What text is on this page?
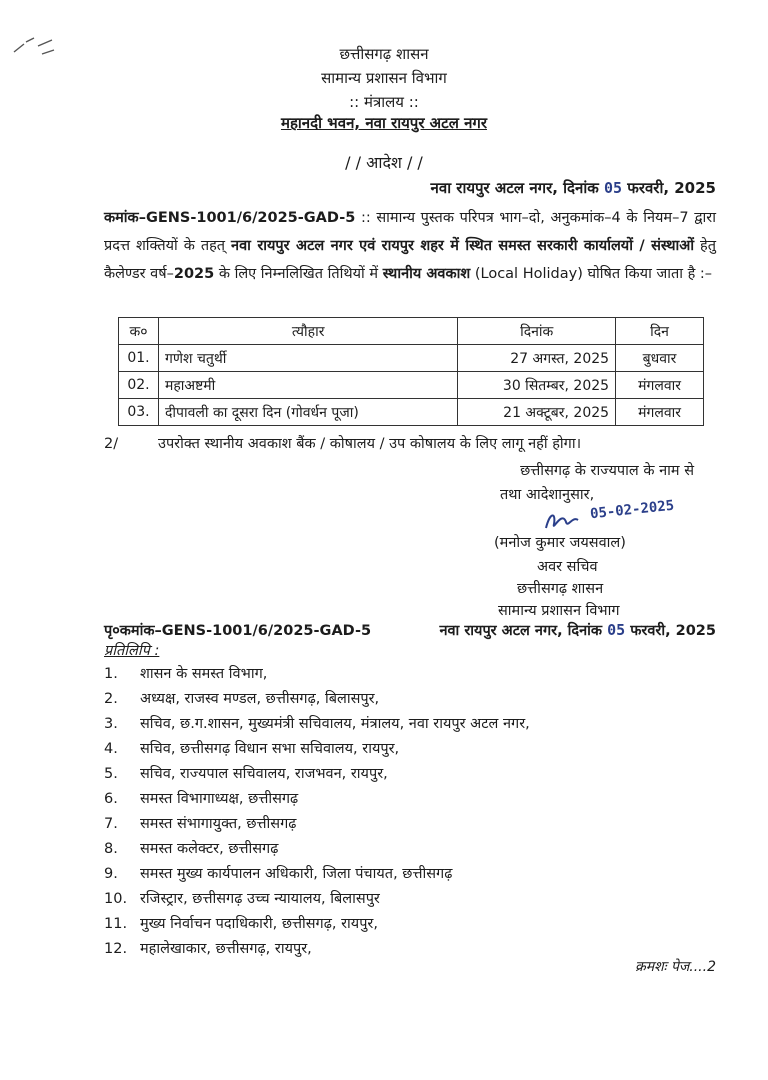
छत्तीसगढ़ शासन
सामान्य प्रशासन विभाग
:: मंत्रालय ::
महानदी भवन, नवा रायपुर अटल नगर
/ / आदेश / /
नवा रायपुर अटल नगर, दिनांक 05 फरवरी, 2025
कमांक–GENS-1001/6/2025-GAD-5 :: सामान्य पुस्तक परिपत्र भाग–दो, अनुकमांक–4 के नियम–7 द्वारा प्रदत्त शक्तियों के तहत् नवा रायपुर अटल नगर एवं रायपुर शहर में स्थित समस्त सरकारी कार्यालयों / संस्थाओं हेतु कैलेण्डर वर्ष–2025 के लिए निम्नलिखित तिथियों में स्थानीय अवकाश (Local Holiday) घोषित किया जाता है :–
क०	त्यौहार	दिनांक	दिन
01.	गणेश चतुर्थी	27 अगस्त, 2025	बुधवार
02.	महाअष्टमी	30 सितम्बर, 2025	मंगलवार
03.	दीपावली का दूसरा दिन (गोवर्धन पूजा)	21 अक्टूबर, 2025	मंगलवार
2/	उपरोक्त स्थानीय अवकाश बैंक / कोषालय / उप कोषालय के लिए लागू नहीं होगा।
छत्तीसगढ़ के राज्यपाल के नाम से
तथा आदेशानुसार,
05-02-2025
(मनोज कुमार जयसवाल)
अवर सचिव
छत्तीसगढ़ शासन
सामान्य प्रशासन विभाग
पृ०कमांक–GENS-1001/6/2025-GAD-5	नवा रायपुर अटल नगर, दिनांक 05 फरवरी, 2025
प्रतिलिपि :
1. शासन के समस्त विभाग,
2. अध्यक्ष, राजस्व मण्डल, छत्तीसगढ़, बिलासपुर,
3. सचिव, छ.ग.शासन, मुख्यमंत्री सचिवालय, मंत्रालय, नवा रायपुर अटल नगर,
4. सचिव, छत्तीसगढ़ विधान सभा सचिवालय, रायपुर,
5. सचिव, राज्यपाल सचिवालय, राजभवन, रायपुर,
6. समस्त विभागाध्यक्ष, छत्तीसगढ़
7. समस्त संभागायुक्त, छत्तीसगढ़
8. समस्त कलेक्टर, छत्तीसगढ़
9. समस्त मुख्य कार्यपालन अधिकारी, जिला पंचायत, छत्तीसगढ़
10. रजिस्ट्रार, छत्तीसगढ़ उच्च न्यायालय, बिलासपुर
11. मुख्य निर्वाचन पदाधिकारी, छत्तीसगढ़, रायपुर,
12. महालेखाकार, छत्तीसगढ़, रायपुर,
क्रमशः पेज....2
